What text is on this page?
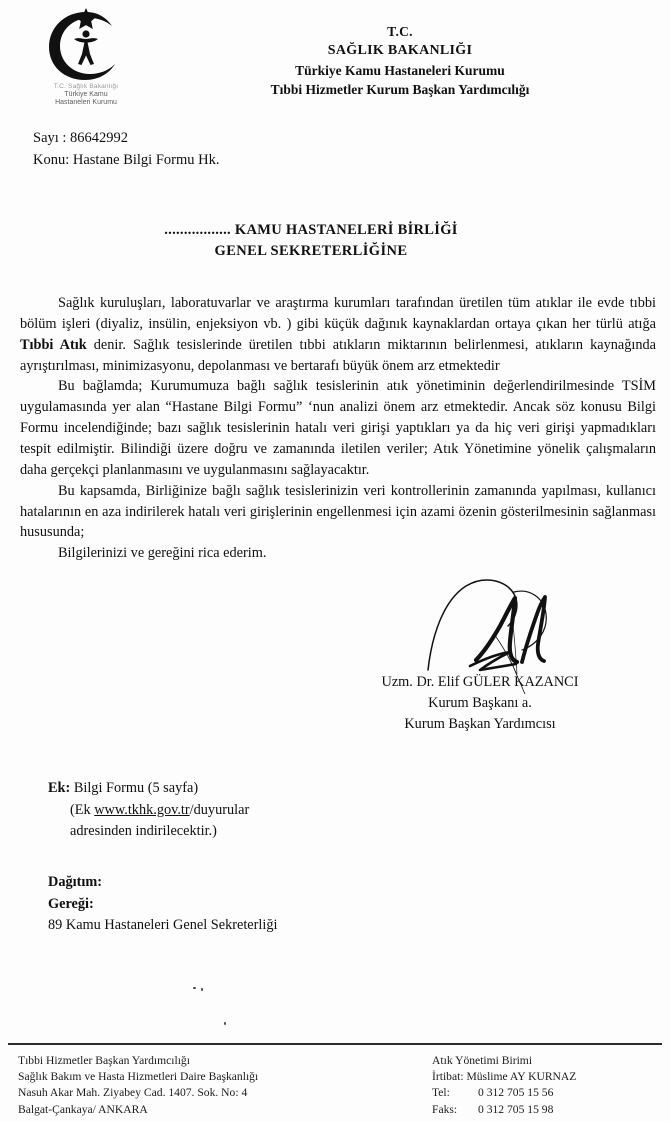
T.C. Sağlık Bakanlığı
Türkiye Kamu
Hastaneleri Kurumu
T.C.
SAĞLIK BAKANLIĞI
Türkiye Kamu Hastaneleri Kurumu
Tıbbi Hizmetler Kurum Başkan Yardımcılığı
Sayı : 86642992
Konu: Hastane Bilgi Formu Hk.
................. KAMU HASTANELERİ BİRLİĞİ
GENEL SEKRETERLİĞİNE

Sağlık kuruluşları, laboratuvarlar ve araştırma kurumları tarafından üretilen tüm atıklar ile evde tıbbi bölüm işleri (diyaliz, insülin, enjeksiyon vb. ) gibi küçük dağınık kaynaklardan ortaya çıkan her türlü atığa Tıbbi Atık denir. Sağlık tesislerinde üretilen tıbbi atıkların miktarının belirlenmesi, atıkların kaynağında ayrıştırılması, minimizasyonu, depolanması ve bertarafı büyük önem arz etmektedir

Bu bağlamda; Kurumumuza bağlı sağlık tesislerinin atık yönetiminin değerlendirilmesinde TSİM uygulamasında yer alan “Hastane Bilgi Formu” ‘nun analizi önem arz etmektedir. Ancak söz konusu Bilgi Formu incelendiğinde; bazı sağlık tesislerinin hatalı veri girişi yaptıkları ya da hiç veri girişi yapmadıkları tespit edilmiştir. Bilindiği üzere doğru ve zamanında iletilen veriler; Atık Yönetimine yönelik çalışmaların daha gerçekçi planlanmasını ve uygulanmasını sağlayacaktır.

Bu kapsamda, Birliğinize bağlı sağlık tesislerinizin veri kontrollerinin zamanında yapılması, kullanıcı hatalarının en aza indirilerek hatalı veri girişlerinin engellenmesi için azami özenin gösterilmesinin sağlanması hususunda;

Bilgilerinizi ve gereğini rica ederim.

Uzm. Dr. Elif GÜLER KAZANCI
Kurum Başkanı a.
Kurum Başkan Yardımcısı
Ek: Bilgi Formu (5 sayfa)
(Ek www.tkhk.gov.tr/duyurular
adresinden indirilecektir.)
Dağıtım:
Gereği:
89 Kamu Hastaneleri Genel Sekreterliği
Tıbbi Hizmetler Başkan Yardımcılığı
Sağlık Bakım ve Hasta Hizmetleri Daire Başkanlığı
Nasuh Akar Mah. Ziyabey Cad. 1407. Sok. No: 4
Balgat-Çankaya/ ANKARA
Atık Yönetimi Birimi
İrtibat: Müslime AY KURNAZ
Tel:	0 312 705 15 56
Faks:	0 312 705 15 98
